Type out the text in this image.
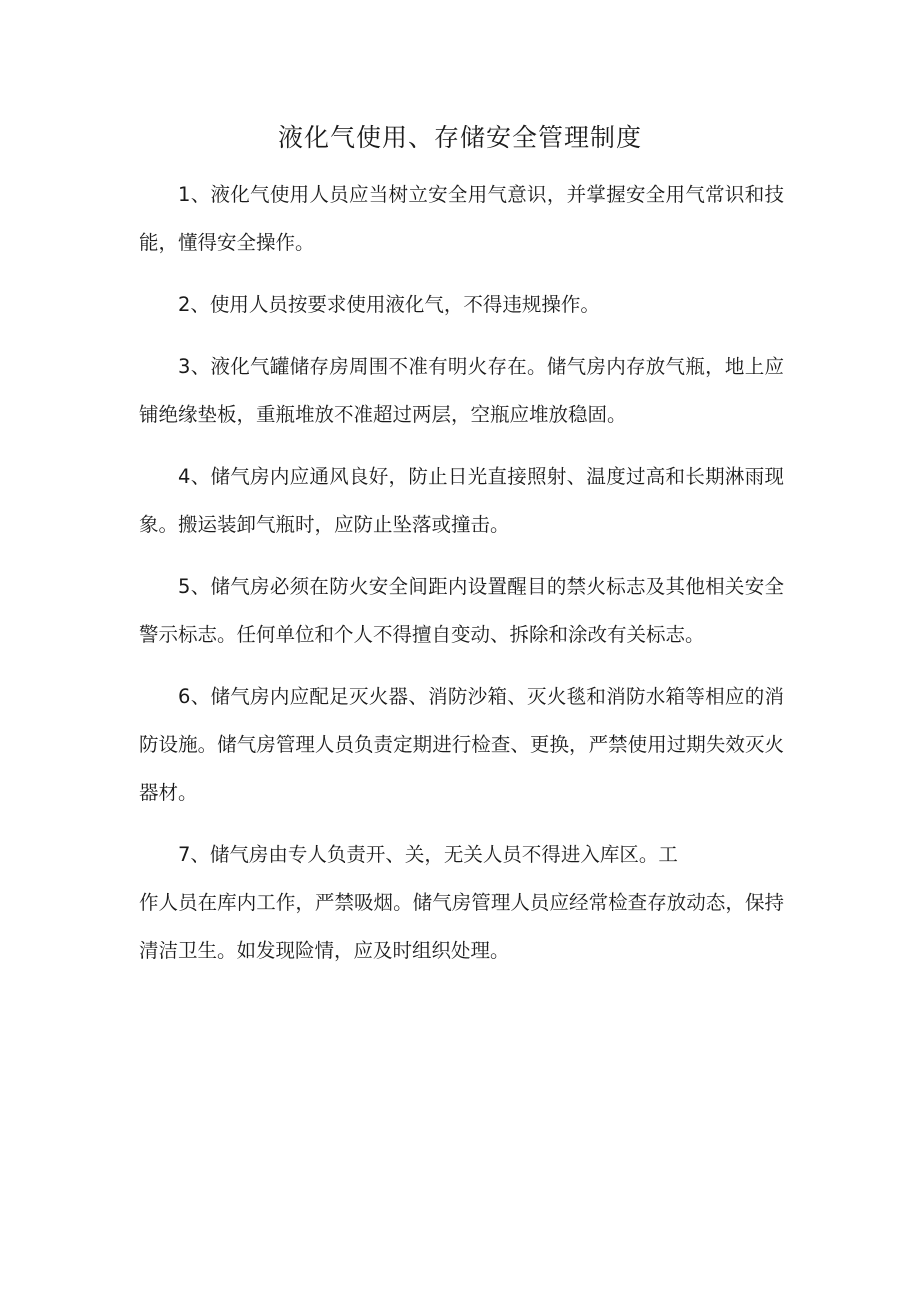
液化气使用、存储安全管理制度

1、液化气使用人员应当树立安全用气意识，并掌握安全用气常识和技能，懂得安全操作。

2、使用人员按要求使用液化气，不得违规操作。

3、液化气罐储存房周围不准有明火存在。储气房内存放气瓶，地上应铺绝缘垫板，重瓶堆放不准超过两层，空瓶应堆放稳固。

4、储气房内应通风良好，防止日光直接照射、温度过高和长期淋雨现象。搬运装卸气瓶时，应防止坠落或撞击。

5、储气房必须在防火安全间距内设置醒目的禁火标志及其他相关安全警示标志。任何单位和个人不得擅自变动、拆除和涂改有关标志。

6、储气房内应配足灭火器、消防沙箱、灭火毯和消防水箱等相应的消防设施。储气房管理人员负责定期进行检查、更换，严禁使用过期失效灭火器材。

7、储气房由专人负责开、关，无关人员不得进入库区。工
作人员在库内工作，严禁吸烟。储气房管理人员应经常检查存放动态，保持清洁卫生。如发现险情，应及时组织处理。
